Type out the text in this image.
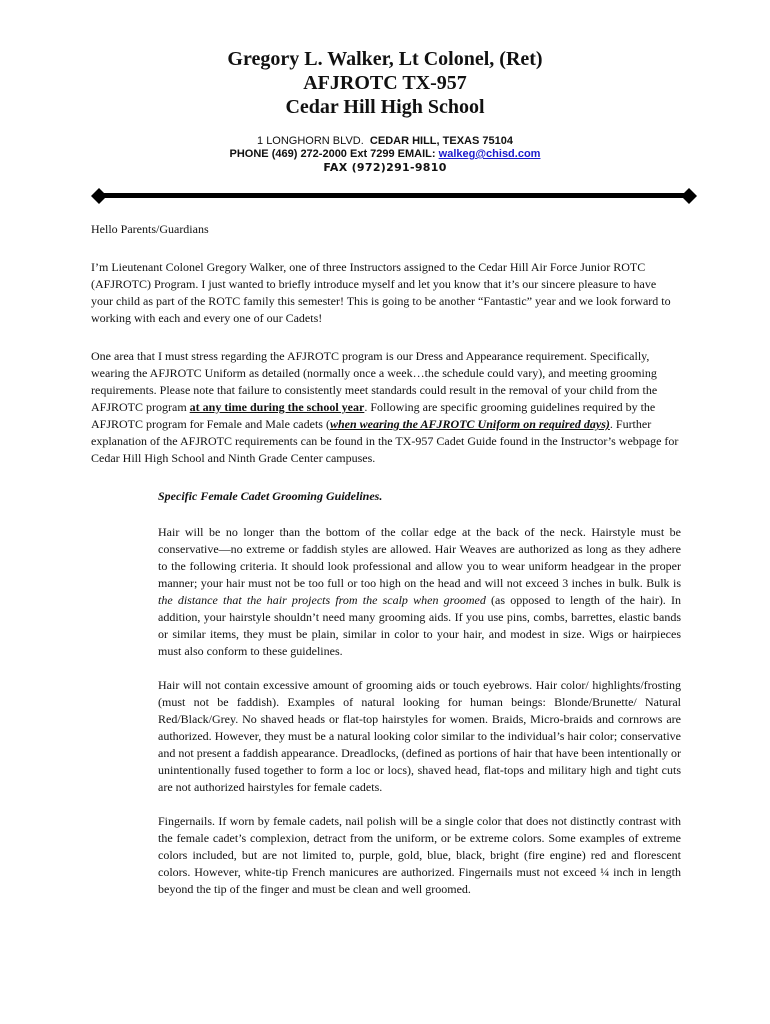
Gregory L. Walker, Lt Colonel, (Ret)
AFJROTC TX-957
Cedar Hill High School
1 LONGHORN BLVD. CEDAR HILL, TEXAS 75104
PHONE (469) 272-2000 Ext 7299 EMAIL: walkeg@chisd.com
FAX (972)291-9810

Hello Parents/Guardians

I’m Lieutenant Colonel Gregory Walker, one of three Instructors assigned to the Cedar Hill Air Force Junior ROTC (AFJROTC) Program. I just wanted to briefly introduce myself and let you know that it’s our sincere pleasure to have your child as part of the ROTC family this semester! This is going to be another “Fantastic” year and we look forward to working with each and every one of our Cadets!

One area that I must stress regarding the AFJROTC program is our Dress and Appearance requirement. Specifically, wearing the AFJROTC Uniform as detailed (normally once a week…the schedule could vary), and meeting grooming requirements. Please note that failure to consistently meet standards could result in the removal of your child from the AFJROTC program at any time during the school year. Following are specific grooming guidelines required by the AFJROTC program for Female and Male cadets (when wearing the AFJROTC Uniform on required days). Further explanation of the AFJROTC requirements can be found in the TX-957 Cadet Guide found in the Instructor’s webpage for Cedar Hill High School and Ninth Grade Center campuses.

Specific Female Cadet Grooming Guidelines.

Hair will be no longer than the bottom of the collar edge at the back of the neck. Hairstyle must be conservative—no extreme or faddish styles are allowed. Hair Weaves are authorized as long as they adhere to the following criteria. It should look professional and allow you to wear uniform headgear in the proper manner; your hair must not be too full or too high on the head and will not exceed 3 inches in bulk. Bulk is the distance that the hair projects from the scalp when groomed (as opposed to length of the hair). In addition, your hairstyle shouldn’t need many grooming aids. If you use pins, combs, barrettes, elastic bands or similar items, they must be plain, similar in color to your hair, and modest in size. Wigs or hairpieces must also conform to these guidelines.

Hair will not contain excessive amount of grooming aids or touch eyebrows. Hair color/ highlights/frosting (must not be faddish). Examples of natural looking for human beings: Blonde/Brunette/ Natural Red/Black/Grey. No shaved heads or flat-top hairstyles for women. Braids, Micro-braids and cornrows are authorized. However, they must be a natural looking color similar to the individual’s hair color; conservative and not present a faddish appearance. Dreadlocks, (defined as portions of hair that have been intentionally or unintentionally fused together to form a loc or locs), shaved head, flat-tops and military high and tight cuts are not authorized hairstyles for female cadets.

Fingernails. If worn by female cadets, nail polish will be a single color that does not distinctly contrast with the female cadet’s complexion, detract from the uniform, or be extreme colors. Some examples of extreme colors included, but are not limited to, purple, gold, blue, black, bright (fire engine) red and florescent colors. However, white-tip French manicures are authorized. Fingernails must not exceed ¼ inch in length beyond the tip of the finger and must be clean and well groomed.
